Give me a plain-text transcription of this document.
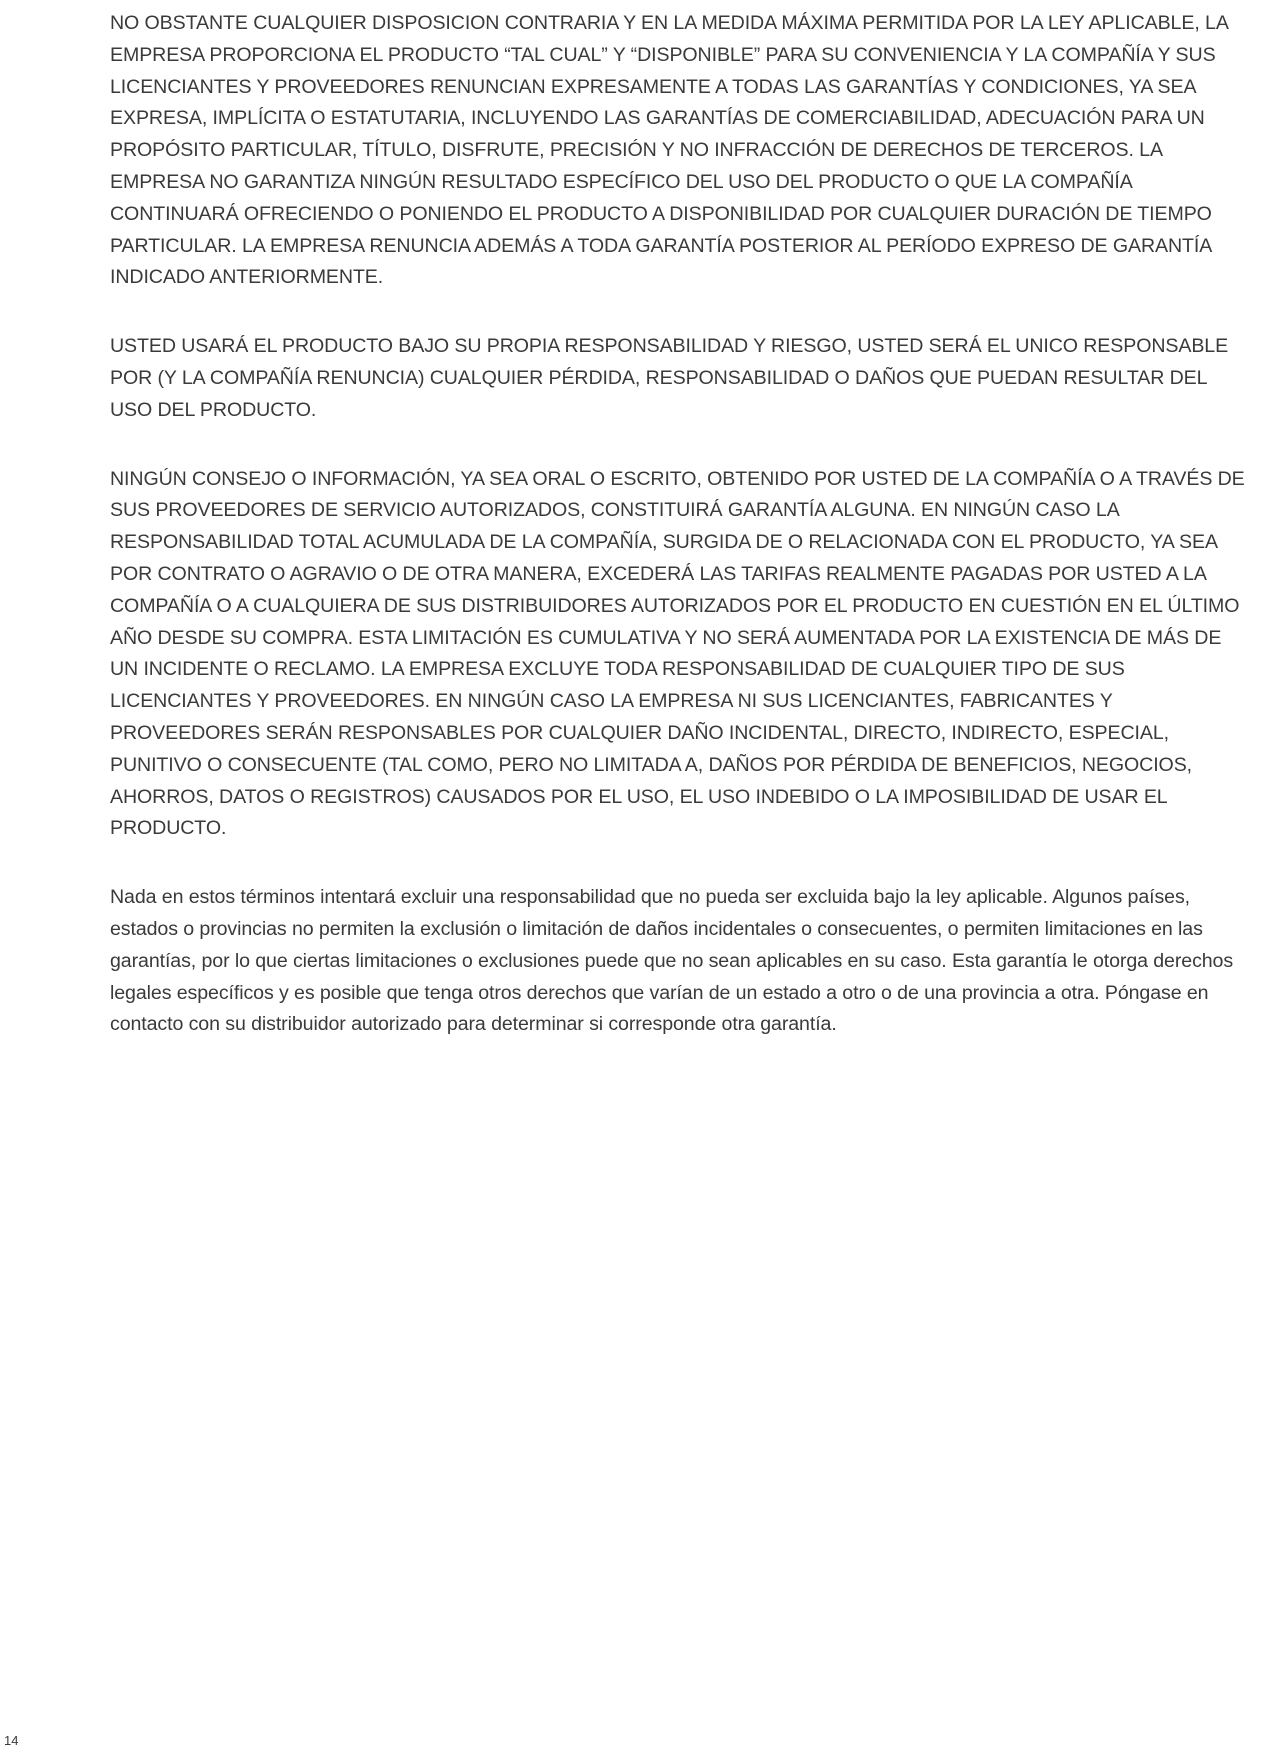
NO OBSTANTE CUALQUIER DISPOSICION CONTRARIA Y EN LA MEDIDA MÁXIMA PERMITIDA POR LA LEY APLICABLE, LA EMPRESA PROPORCIONA EL PRODUCTO “TAL CUAL” Y “DISPONIBLE” PARA SU CONVENIENCIA Y LA COMPAÑÍA Y SUS LICENCIANTES Y PROVEEDORES RENUNCIAN EXPRESAMENTE A TODAS LAS GARANTÍAS Y CONDICIONES, YA SEA EXPRESA, IMPLÍCITA O ESTATUTARIA, INCLUYENDO LAS GARANTÍAS DE COMERCIABILIDAD, ADECUACIÓN PARA UN PROPÓSITO PARTICULAR, TÍTULO, DISFRUTE, PRECISIÓN Y NO INFRACCIÓN DE DERECHOS DE TERCEROS. LA EMPRESA NO GARANTIZA NINGÚN RESULTADO ESPECÍFICO DEL USO DEL PRODUCTO O QUE LA COMPAÑÍA CONTINUARÁ OFRECIENDO O PONIENDO EL PRODUCTO A DISPONIBILIDAD POR CUALQUIER DURACIÓN DE TIEMPO PARTICULAR. LA EMPRESA RENUNCIA ADEMÁS A TODA GARANTÍA POSTERIOR AL PERÍODO EXPRESO DE GARANTÍA INDICADO ANTERIORMENTE.

USTED USARÁ EL PRODUCTO BAJO SU PROPIA RESPONSABILIDAD Y RIESGO, USTED SERÁ EL UNICO RESPONSABLE POR (Y LA COMPAÑÍA RENUNCIA) CUALQUIER PÉRDIDA, RESPONSABILIDAD O DAÑOS QUE PUEDAN RESULTAR DEL USO DEL PRODUCTO.

NINGÚN CONSEJO O INFORMACIÓN, YA SEA ORAL O ESCRITO, OBTENIDO POR USTED DE LA COMPAÑÍA O A TRAVÉS DE SUS PROVEEDORES DE SERVICIO AUTORIZADOS, CONSTITUIRÁ GARANTÍA ALGUNA. EN NINGÚN CASO LA RESPONSABILIDAD TOTAL ACUMULADA DE LA COMPAÑÍA, SURGIDA DE O RELACIONADA CON EL PRODUCTO, YA SEA POR CONTRATO O AGRAVIO O DE OTRA MANERA, EXCEDERÁ LAS TARIFAS REALMENTE PAGADAS POR USTED A LA COMPAÑÍA O A CUALQUIERA DE SUS DISTRIBUIDORES AUTORIZADOS POR EL PRODUCTO EN CUESTIÓN EN EL ÚLTIMO AÑO DESDE SU COMPRA. ESTA LIMITACIÓN ES CUMULATIVA Y NO SERÁ AUMENTADA POR LA EXISTENCIA DE MÁS DE UN INCIDENTE O RECLAMO. LA EMPRESA EXCLUYE TODA RESPONSABILIDAD DE CUALQUIER TIPO DE SUS LICENCIANTES Y PROVEEDORES. EN NINGÚN CASO LA EMPRESA NI SUS LICENCIANTES, FABRICANTES Y PROVEEDORES SERÁN RESPONSABLES POR CUALQUIER DAÑO INCIDENTAL, DIRECTO, INDIRECTO, ESPECIAL, PUNITIVO O CONSECUENTE (TAL COMO, PERO NO LIMITADA A, DAÑOS POR PÉRDIDA DE BENEFICIOS, NEGOCIOS, AHORROS, DATOS O REGISTROS) CAUSADOS POR EL USO, EL USO INDEBIDO O LA IMPOSIBILIDAD DE USAR EL PRODUCTO.

Nada en estos términos intentará excluir una responsabilidad que no pueda ser excluida bajo la ley aplicable. Algunos países, estados o provincias no permiten la exclusión o limitación de daños incidentales o consecuentes, o permiten limitaciones en las garantías, por lo que ciertas limitaciones o exclusiones puede que no sean aplicables en su caso. Esta garantía le otorga derechos legales específicos y es posible que tenga otros derechos que varían de un estado a otro o de una provincia a otra. Póngase en contacto con su distribuidor autorizado para determinar si corresponde otra garantía.

14
